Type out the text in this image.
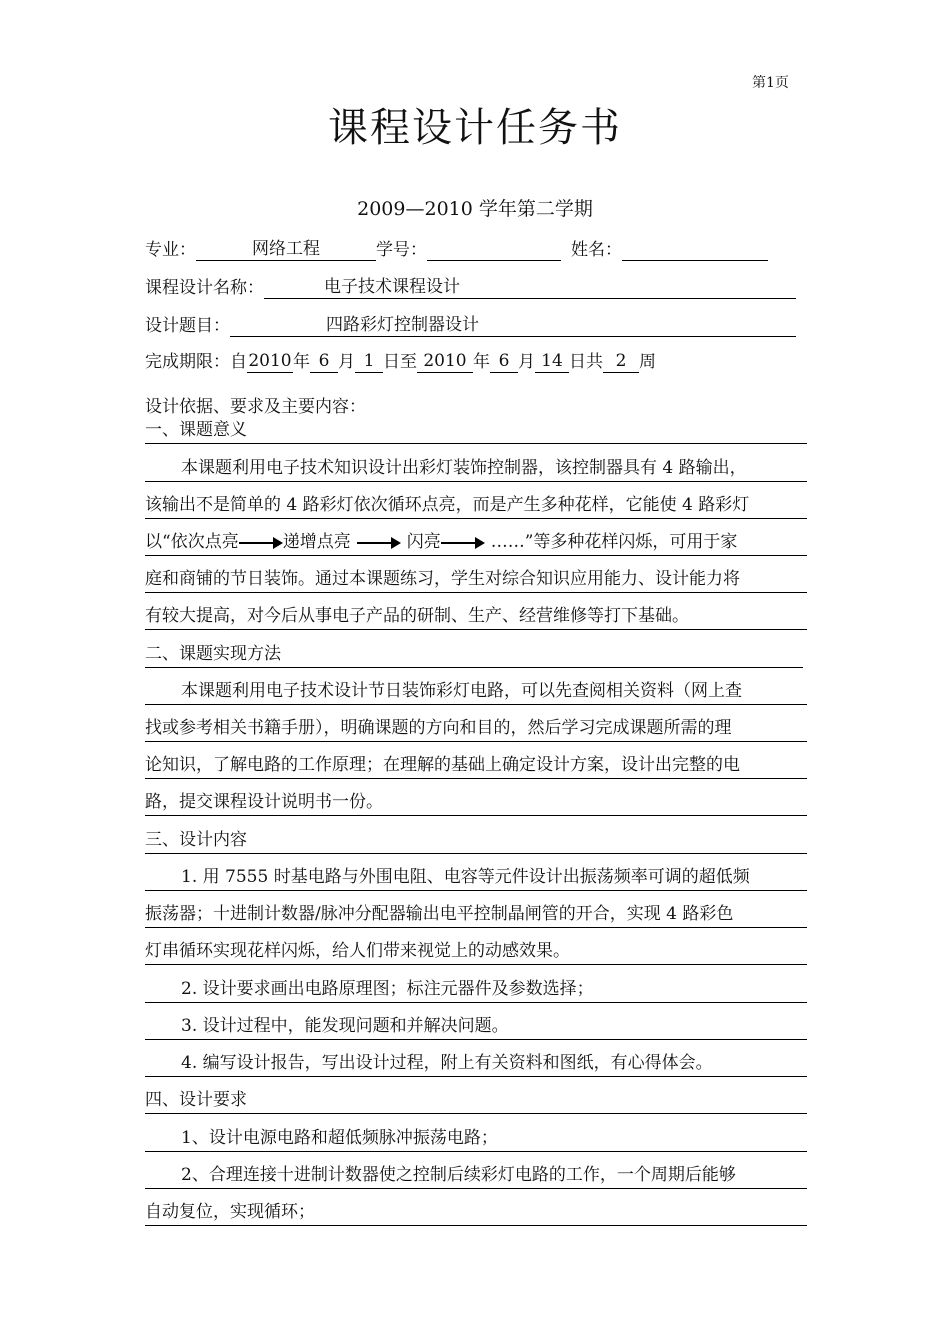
第1页
课程设计任务书
2009—2010 学年第二学期
专业：	网络工程	学号：	姓名：
课程设计名称：	电子技术课程设计
设计题目：	四路彩灯控制器设计
完成期限：自2010年 6 月 1 日至 2010 年 6 月 14 日共 2 周
设计依据、要求及主要内容：
一、课题意义
本课题利用电子技术知识设计出彩灯装饰控制器，该控制器具有 4 路输出，
该输出不是简单的 4 路彩灯依次循环点亮，而是产生多种花样，它能使 4 路彩灯
以“依次点亮	递增点亮	闪亮	……”等多种花样闪烁，可用于家
庭和商铺的节日装饰。通过本课题练习，学生对综合知识应用能力、设计能力将
有较大提高，对今后从事电子产品的研制、生产、经营维修等打下基础。
二、课题实现方法
本课题利用电子技术设计节日装饰彩灯电路，可以先查阅相关资料（网上查
找或参考相关书籍手册），明确课题的方向和目的，然后学习完成课题所需的理
论知识，了解电路的工作原理；在理解的基础上确定设计方案，设计出完整的电
路，提交课程设计说明书一份。
三、设计内容
1. 用 7555 时基电路与外围电阻、电容等元件设计出振荡频率可调的超低频
振荡器；十进制计数器/脉冲分配器输出电平控制晶闸管的开合，实现 4 路彩色
灯串循环实现花样闪烁，给人们带来视觉上的动感效果。
2. 设计要求画出电路原理图；标注元器件及参数选择；
3. 设计过程中，能发现问题和并解决问题。
4. 编写设计报告，写出设计过程，附上有关资料和图纸，有心得体会。
四、设计要求
1、设计电源电路和超低频脉冲振荡电路；
2、合理连接十进制计数器使之控制后续彩灯电路的工作，一个周期后能够
自动复位，实现循环；
